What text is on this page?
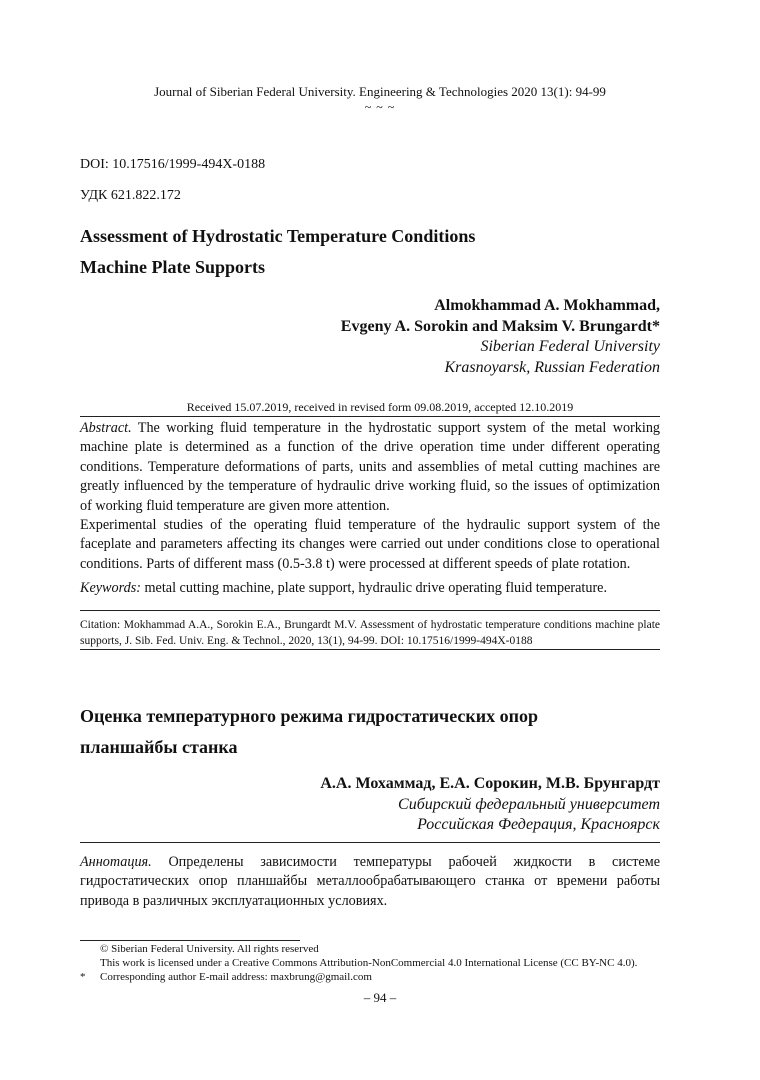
Journal of Siberian Federal University. Engineering & Technologies 2020 13(1): 94-99
~ ~ ~
DOI: 10.17516/1999-494X-0188
УДК 621.822.172
Assessment of Hydrostatic Temperature Conditions
Machine Plate Supports
Almokhammad A. Mokhammad,
Evgeny A. Sorokin and Maksim V. Brungardt*
Siberian Federal University
Krasnoyarsk, Russian Federation
Received 15.07.2019, received in revised form 09.08.2019, accepted 12.10.2019

Abstract. The working fluid temperature in the hydrostatic support system of the metal working machine plate is determined as a function of the drive operation time under different operating conditions. Temperature deformations of parts, units and assemblies of metal cutting machines are greatly influenced by the temperature of hydraulic drive working fluid, so the issues of optimization of working fluid temperature are given more attention.

Experimental studies of the operating fluid temperature of the hydraulic support system of the faceplate and parameters affecting its changes were carried out under conditions close to operational conditions. Parts of different mass (0.5-3.8 t) were processed at different speeds of plate rotation.

Keywords: metal cutting machine, plate support, hydraulic drive operating fluid temperature.

Citation: Mokhammad A.A., Sorokin E.A., Brungardt M.V. Assessment of hydrostatic temperature conditions machine plate supports, J. Sib. Fed. Univ. Eng. & Technol., 2020, 13(1), 94-99. DOI: 10.17516/1999-494X-0188
Оценка температурного режима гидростатических опор
планшайбы станка
А.А. Мохаммад, Е.А. Сорокин, М.В. Брунгардт
Сибирский федеральный университет
Российская Федерация, Красноярск

Аннотация. Определены зависимости температуры рабочей жидкости в системе гидростатических опор планшайбы металлообрабатывающего станка от времени работы привода в различных эксплуатационных условиях.

© Siberian Federal University. All rights reserved
This work is licensed under a Creative Commons Attribution-NonCommercial 4.0 International License (CC BY-NC 4.0).
* Corresponding author E-mail address: maxbrung@gmail.com
– 94 –
